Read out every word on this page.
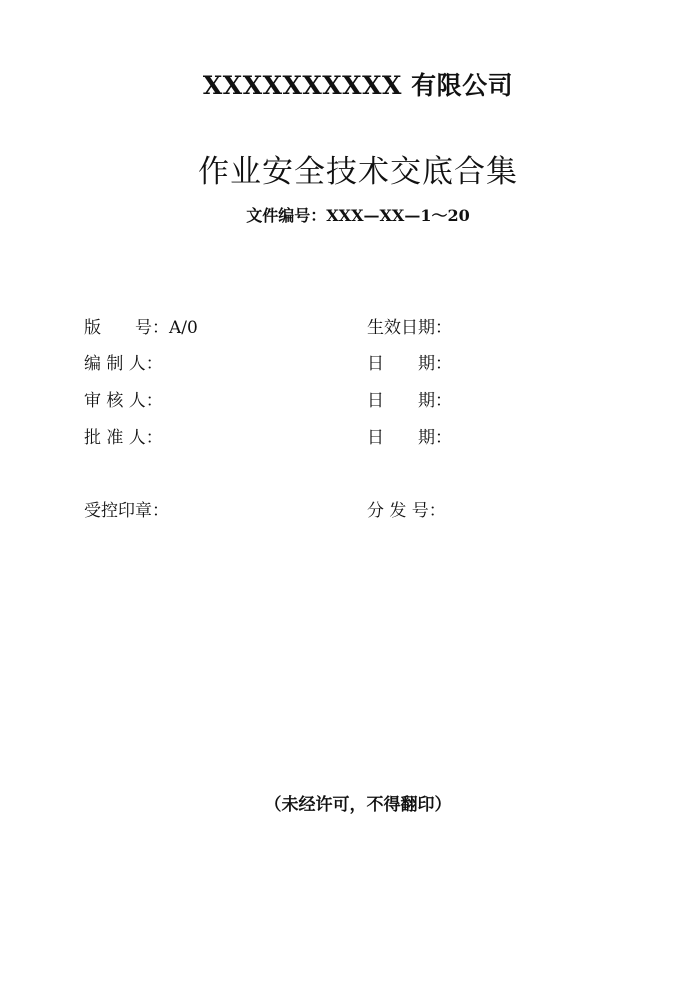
XXXXXXXXXX 有限公司
作业安全技术交底合集
文件编号：XXX—XX—1～20
版　　号：A/0	生效日期：
编 制 人：	日　　期：
审 核 人：	日　　期：
批 准 人：	日　　期：
受控印章：	分 发 号：
（未经许可，不得翻印）
